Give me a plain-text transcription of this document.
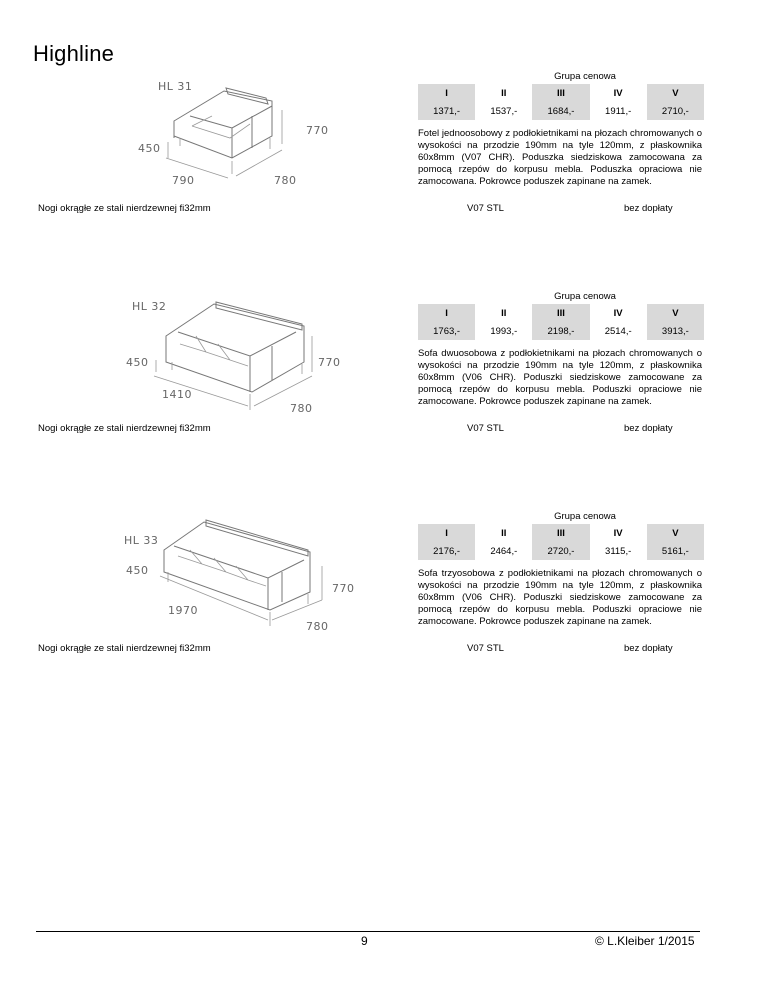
Highline
HL 31
450
770
790	780
Nogi okrągłe ze stali nierdzewnej fi32mm
Grupa cenowa
I	II	III	IV	V
1371,-	1537,-	1684,-	1911,-	2710,-
Fotel jednoosobowy z podłokietnikami na płozach chromowanych o wysokości na przodzie 190mm na tyle 120mm, z płaskownika 60x8mm (V07 CHR). Poduszka siedziskowa zamocowana za pomocą rzepów do korpusu mebla. Poduszka opraciowa nie zamocowana. Pokrowce poduszek zapinane na zamek.
V07 STL	bez dopłaty
HL 32
450	770
1410
780
Nogi okrągłe ze stali nierdzewnej fi32mm
Grupa cenowa
I	II	III	IV	V
1763,-	1993,-	2198,-	2514,-	3913,-
Sofa dwuosobowa z podłokietnikami na płozach chromowanych o wysokości na przodzie 190mm na tyle 120mm, z płaskownika 60x8mm (V06 CHR). Poduszki siedziskowe zamocowane za pomocą rzepów do korpusu mebla. Poduszki opraciowe nie zamocowane. Pokrowce poduszek zapinane na zamek.
V07 STL	bez dopłaty
HL 33
450
770
1970
780
Nogi okrągłe ze stali nierdzewnej fi32mm
Grupa cenowa
I	II	III	IV	V
2176,-	2464,-	2720,-	3115,-	5161,-
Sofa trzyosobowa z podłokietnikami na płozach chromowanych o wysokości na przodzie 190mm na tyle 120mm, z płaskownika 60x8mm (V06 CHR). Poduszki siedziskowe zamocowane za pomocą rzepów do korpusu mebla. Poduszki opraciowe nie zamocowane. Pokrowce poduszek zapinane na zamek.
V07 STL	bez dopłaty
9	© L.Kleiber 1/2015
